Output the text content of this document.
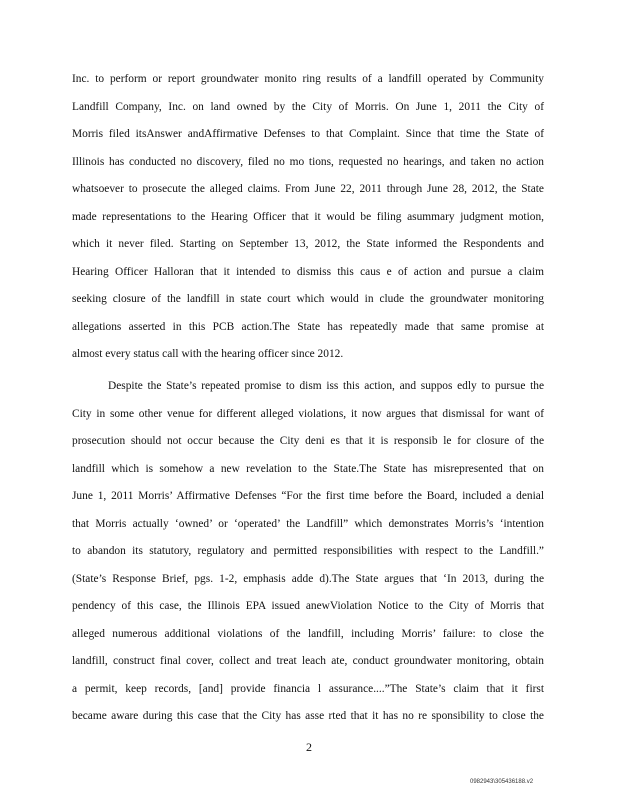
Inc. to perform or report groundwater monito ring results of a landfill operated by Community
Landfill Company, Inc. on land owned by the City of Morris. On June 1, 2011 the City of
Morris filed itsAnswer andAffirmative Defenses to that Complaint. Since that time the State of
Illinois has conducted no discovery, filed no mo tions, requested no hearings, and taken no action
whatsoever to prosecute the alleged claims. From June 22, 2011 through June 28, 2012, the State
made representations to the Hearing Officer that it would be filing asummary judgment motion,
which it never filed. Starting on September 13, 2012, the State informed the Respondents and
Hearing Officer Halloran that it intended to dismiss this caus e of action and pursue a claim
seeking closure of the landfill in state court which would in clude the groundwater monitoring
allegations asserted in this PCB action.The State has repeatedly made that same promise at
almost every status call with the hearing officer since 2012.
Despite the State’s repeated promise to dism iss this action, and suppos edly to pursue the
City in some other venue for different alleged violations, it now argues that dismissal for want of
prosecution should not occur because the City deni es that it is responsib le for closure of the
landfill which is somehow a new revelation to the State.The State has misrepresented that on
June 1, 2011 Morris’ Affirmative Defenses “For the first time before the Board, included a denial
that Morris actually ‘owned’ or ‘operated’ the Landfill” which demonstrates Morris’s ‘intention
to abandon its statutory, regulatory and permitted responsibilities with respect to the Landfill.”
(State’s Response Brief, pgs. 1-2, emphasis adde d).The State argues that ‘In 2013, during the
pendency of this case, the Illinois EPA issued anewViolation Notice to the City of Morris that
alleged numerous additional violations of the landfill, including Morris’ failure: to close the
landfill, construct final cover, collect and treat leach ate, conduct groundwater monitoring, obtain
a permit, keep records, [and] provide financia l assurance....”The State’s claim that it first
became aware during this case that the City has asse rted that it has no re sponsibility to close the
2
0982943\305436188.v2
